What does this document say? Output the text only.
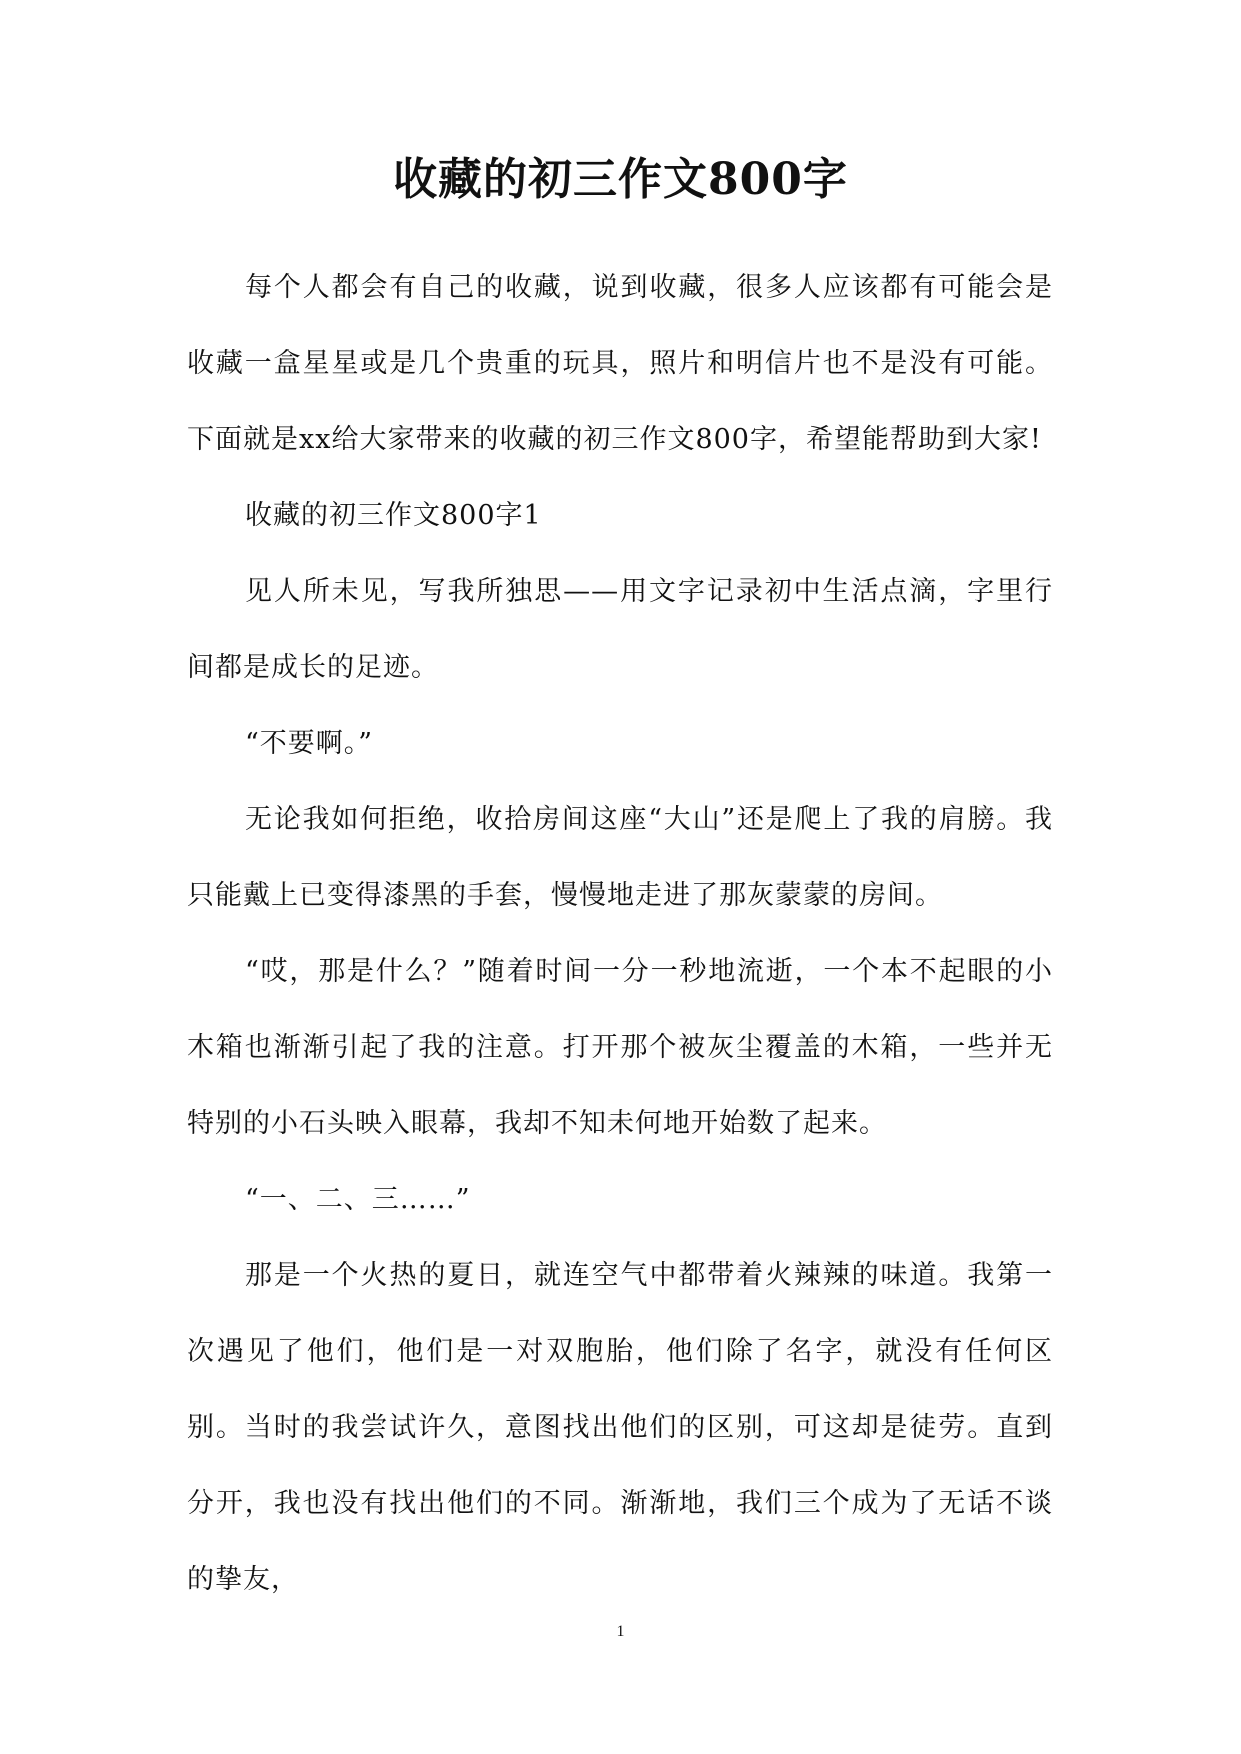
收藏的初三作文800字

每个人都会有自己的收藏，说到收藏，很多人应该都有可能会是收藏一盒星星或是几个贵重的玩具，照片和明信片也不是没有可能。下面就是xx给大家带来的收藏的初三作文800字，希望能帮助到大家!

收藏的初三作文800字1

见人所未见，写我所独思——用文字记录初中生活点滴，字里行间都是成长的足迹。

“不要啊。”

无论我如何拒绝，收拾房间这座“大山”还是爬上了我的肩膀。我只能戴上已变得漆黑的手套，慢慢地走进了那灰蒙蒙的房间。

“哎，那是什么？”随着时间一分一秒地流逝，一个本不起眼的小木箱也渐渐引起了我的注意。打开那个被灰尘覆盖的木箱，一些并无特别的小石头映入眼幕，我却不知未何地开始数了起来。

“一、二、三……”

那是一个火热的夏日，就连空气中都带着火辣辣的味道。我第一次遇见了他们，他们是一对双胞胎，他们除了名字，就没有任何区别。当时的我尝试许久，意图找出他们的区别，可这却是徒劳。直到分开，我也没有找出他们的不同。渐渐地，我们三个成为了无话不谈的挚友，

1
